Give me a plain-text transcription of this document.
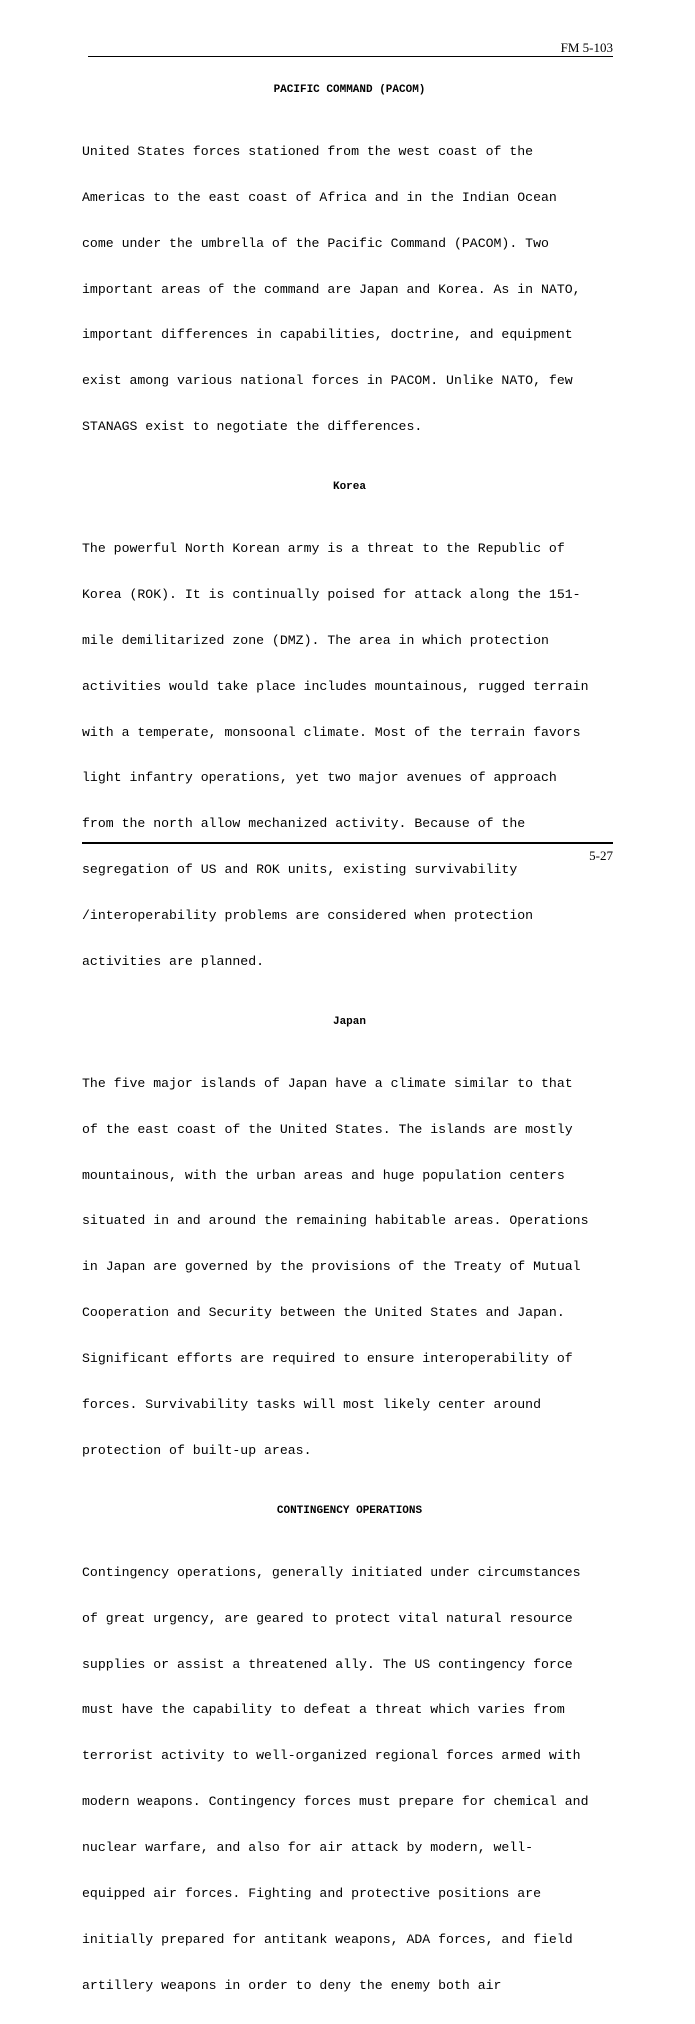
FM 5-103
PACIFIC COMMAND (PACOM)

United States forces stationed from the west coast of the

Americas to the east coast of Africa and in the Indian Ocean

come under the umbrella of the Pacific Command (PACOM). Two

important areas of the command are Japan and Korea. As in NATO,

important differences in capabilities, doctrine, and equipment

exist among various national forces in PACOM. Unlike NATO, few

STANAGS exist to negotiate the differences.

Korea

The powerful North Korean army is a threat to the Republic of

Korea (ROK). It is continually poised for attack along the 151-

mile demilitarized zone (DMZ). The area in which protection

activities would take place includes mountainous, rugged terrain

with a temperate, monsoonal climate. Most of the terrain favors

light infantry operations, yet two major avenues of approach

from the north allow mechanized activity. Because of the

segregation of US and ROK units, existing survivability

/interoperability problems are considered when protection

activities are planned.

Japan

The five major islands of Japan have a climate similar to that

of the east coast of the United States. The islands are mostly

mountainous, with the urban areas and huge population centers

situated in and around the remaining habitable areas. Operations

in Japan are governed by the provisions of the Treaty of Mutual

Cooperation and Security between the United States and Japan.

Significant efforts are required to ensure interoperability of

forces. Survivability tasks will most likely center around

protection of built-up areas.

CONTINGENCY OPERATIONS

Contingency operations, generally initiated under circumstances

of great urgency, are geared to protect vital natural resource

supplies or assist a threatened ally. The US contingency force

must have the capability to defeat a threat which varies from

terrorist activity to well-organized regional forces armed with

modern weapons. Contingency forces must prepare for chemical and

nuclear warfare, and also for air attack by modern, well-

equipped air forces. Fighting and protective positions are

initially prepared for antitank weapons, ADA forces, and field

artillery weapons in order to deny the enemy both air

5-27
